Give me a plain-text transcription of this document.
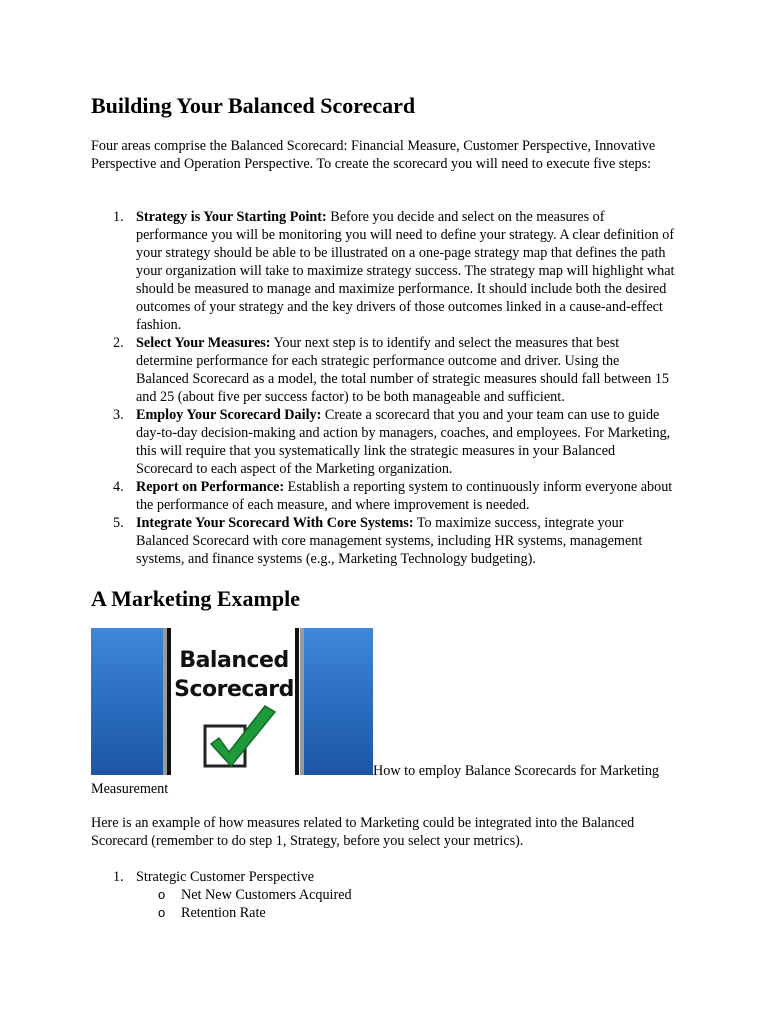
Building Your Balanced Scorecard

Four areas comprise the Balanced Scorecard: Financial Measure, Customer Perspective, Innovative Perspective and Operation Perspective. To create the scorecard you will need to execute five steps:

Strategy is Your Starting Point: Before you decide and select on the measures of performance you will be monitoring you will need to define your strategy. A clear definition of your strategy should be able to be illustrated on a one-page strategy map that defines the path your organization will take to maximize strategy success. The strategy map will highlight what should be measured to manage and maximize performance. It should include both the desired outcomes of your strategy and the key drivers of those outcomes linked in a cause-and-effect fashion.
Select Your Measures: Your next step is to identify and select the measures that best determine performance for each strategic performance outcome and driver. Using the Balanced Scorecard as a model, the total number of strategic measures should fall between 15 and 25 (about five per success factor) to be both manageable and sufficient.
Employ Your Scorecard Daily: Create a scorecard that you and your team can use to guide day-to-day decision-making and action by managers, coaches, and employees. For Marketing, this will require that you systematically link the strategic measures in your Balanced Scorecard to each aspect of the Marketing organization.
Report on Performance: Establish a reporting system to continuously inform everyone about the performance of each measure, and where improvement is needed.
Integrate Your Scorecard With Core Systems: To maximize success, integrate your Balanced Scorecard with core management systems, including HR systems, management systems, and finance systems (e.g., Marketing Technology budgeting).
A Marketing Example
Balanced
Scorecard
How to employ Balance Scorecards for Marketing
Measurement

Here is an example of how measures related to Marketing could be integrated into the Balanced Scorecard (remember to do step 1, Strategy, before you select your metrics).

1. Strategic Customer Perspective
o Net New Customers Acquired
o Retention Rate
